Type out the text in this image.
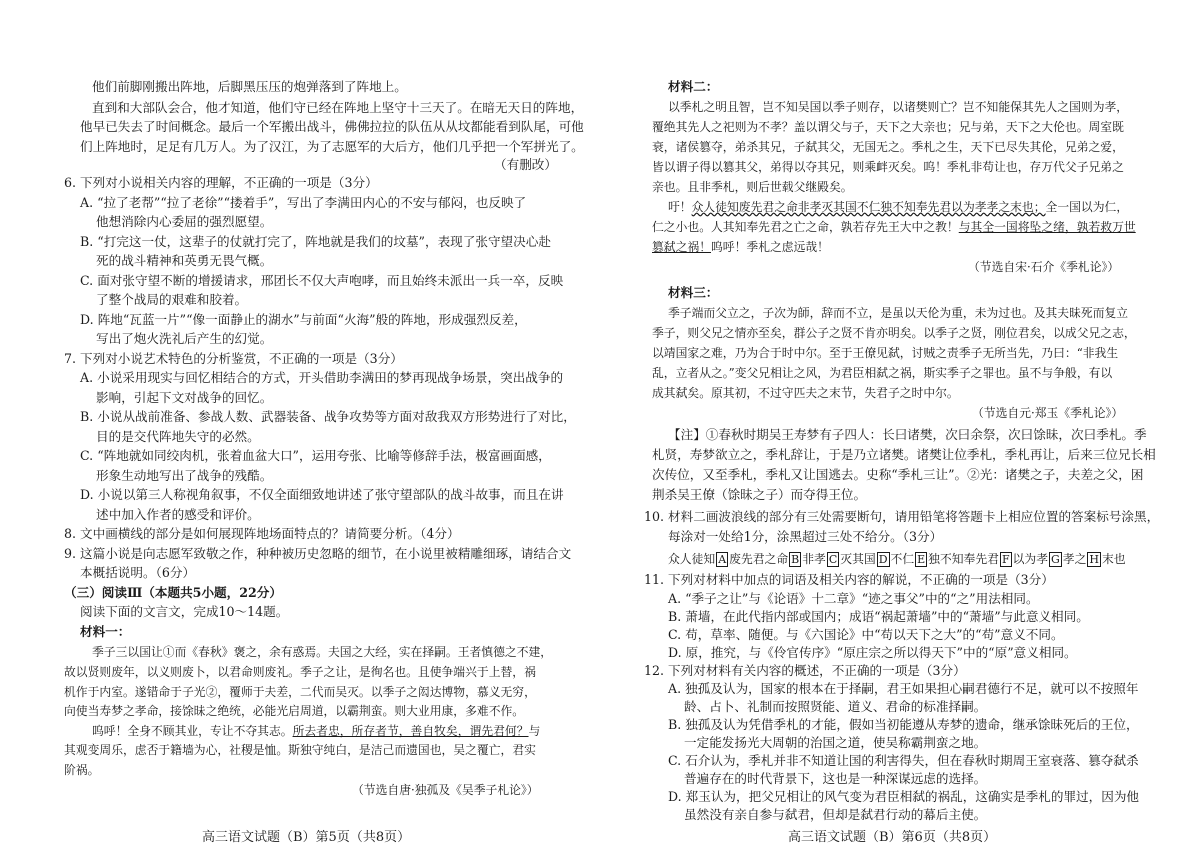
他们前脚刚搬出阵地，后脚黑压压的炮弹落到了阵地上。
直到和大部队会合，他才知道，他们守已经在阵地上坚守十三天了。在暗无天日的阵地，
他早已失去了时间概念。最后一个军搬出战斗，佛佛拉拉的队伍从从坟都能看到队尾，可他
们上阵地时，足足有几万人。为了汉江，为了志愿军的大后方，他们几乎把一个军拼光了。
（有删改）
6. 下列对小说相关内容的理解，不正确的一项是（3分）
A. “拉了老帮”“拉了老徐”“搂着手”，写出了李满田内心的不安与郁闷，也反映了
他想消除内心委屈的强烈愿望。
B. “打完这一仗，这辈子的仗就打完了，阵地就是我们的坟墓”，表现了张守望决心赴
死的战斗精神和英勇无畏气概。
C. 面对张守望不断的增援请求，邢团长不仅大声咆哮，而且始终未派出一兵一卒，反映
了整个战局的艰难和胶着。
D. 阵地“瓦蓝一片”“像一面静止的湖水”与前面“火海”般的阵地，形成强烈反差，
写出了炮火洗礼后产生的幻觉。
7. 下列对小说艺术特色的分析鉴赏，不正确的一项是（3分）
A. 小说采用现实与回忆相结合的方式，开头借助李满田的梦再现战争场景，突出战争的
影响，引起下文对战争的回忆。
B. 小说从战前准备、参战人数、武器装备、战争攻势等方面对敌我双方形势进行了对比，
目的是交代阵地失守的必然。
C. “阵地就如同绞肉机，张着血盆大口”，运用夸张、比喻等修辞手法，极富画面感，
形象生动地写出了战争的残酷。
D. 小说以第三人称视角叙事，不仅全面细致地讲述了张守望部队的战斗故事，而且在讲
述中加入作者的感受和评价。
8. 文中画横线的部分是如何展现阵地场面特点的？请简要分析。（4分）
9. 这篇小说是向志愿军致敬之作，种种被历史忽略的细节，在小说里被精雕细琢，请结合文
本概括说明。（6分）
（三）阅读Ⅲ（本题共5小题，22分）
阅读下面的文言文，完成10～14题。
材料一：
季子三以国让①而《春秋》褒之，余有惑焉。夫国之大经，实在择嗣。王者慎德之不建，
故以贤则废年，以义则废卜，以君命则废礼。季子之让，是徇名也。且使争端兴于上替，祸
机作于内室。遂错命于子光②，覆师于夫差，二代而吴灭。以季子之闳达博物，慕义无穷，
向使当寿梦之孝命，接馀昧之绝统，必能光启周道，以霸荆蛮。则大业用康，多难不作。
呜呼！全身不顾其业，专让不夺其志。所去者忠，所存者节，善自牧矣，谓先君何？与
其观变周乐，虑否于籍墙为心，社稷是恤。斯独守纯白，是洁己而遗国也，吴之覆亡，君实
阶祸。
（节选自唐·独孤及《吴季子札论》）
高三语文试题（B）第5页（共8页）
材料二：
以季札之明且智，岂不知吴国以季子则存，以诸樊则亡？岂不知能保其先人之国则为孝，
覆绝其先人之祀则为不孝？盖以谓父与子，天下之大亲也；兄与弟，天下之大伦也。周室既
衰，诸侯篡夺，弟杀其兄，子弑其父，无国无之。季札之生，天下已尽失其伦，兄弟之爱，
皆以谓子得以篡其父，弟得以夺其兄，则乘衅灭矣。呜！季札非苟让也，存万代父子兄弟之
亲也。且非季札，则后世载父继殿矣。
吁！众人徒知废先君之命非孝灭其国不仁独不知奉先君以为孝孝之末也；全一国以为仁，
仁之小也。人其知奉先君之亡之命，孰若存先王大中之教！与其全一国将坠之绪，孰若救万世
篡弑之祸！呜呼！季札之虑远哉！
（节选自宋·石介《季札论》）
材料三：
季子端而父立之，子次为師，辞而不立，是虽以天伦为重，未为过也。及其夫昧死而复立
季子，则父兄之情亦至矣，群公子之贤不肯亦明矣。以季子之贤，刚位君矣，以成父兄之志，
以靖国家之难，乃为合于时中尔。至于王僚见弑，讨贼之责季子无所当先，乃曰：“非我生
乱，立者从之。”变父兄相让之风，为君臣相弑之祸，斯实季子之罪也。虽不与争般，有以
成其弑矣。原其初，不过守匹夫之末节，失君子之时中尔。
（节选自元·郑玉《季札论》）
【注】①春秋时期吴王寿梦有子四人：长曰诸樊，次曰余祭，次曰馀昧，次曰季札。季
札贤，寿梦欲立之，季札辞让，于是乃立诸樊。诸樊让位季札，季札再让，后来三位兄长相
次传位，又至季札，季札又让国逃去。史称“季札三让”。②光：诸樊之子，夫差之父，困
荆杀吴王僚（馀昧之子）而夺得王位。
10. 材料二画波浪线的部分有三处需要断句，请用铅笔将答题卡上相应位置的答案标号涂黑，
每涂对一处给1分，涂黑超过三处不给分。（3分）
众人徒知 A 废先君之命 B 非孝 C 灭其国 D 不仁 E 独不知奉先君 F 以为孝 G 孝之 H 末也
11. 下列对材料中加点的词语及相关内容的解说，不正确的一项是（3分）
A. “季子之让”与《论语》十二章》“迹之事父”中的“之”用法相同。
B. 萧墙，在此代指内部或国内；成语“祸起萧墙”中的“萧墙”与此意义相同。
C. 苟，草率、随便。与《六国论》中“苟以天下之大”的“苟”意义不同。
D. 原，推究，与《伶官传序》“原庄宗之所以得天下”中的“原”意义相同。
12. 下列对材料有关内容的概述，不正确的一项是（3分）
A. 独孤及认为，国家的根本在于择嗣，君王如果担心嗣君德行不足，就可以不按照年
龄、占卜、礼制而按照贤能、道义、君命的标准择嗣。
B. 独孤及认为凭借季札的才能，假如当初能遵从寿梦的遗命，继承馀昧死后的王位，
一定能发扬光大周朝的治国之道，使吴称霸荆蛮之地。
C. 石介认为，季札并非不知道让国的利害得失，但在春秋时期周王室衰落、篡夺弑杀
普遍存在的时代背景下，这也是一种深谋远虑的选择。
高三语文试题（B）第6页（共8页）
D. 郑玉认为，把父兄相让的风气变为君臣相弑的祸乱，这确实是季札的罪过，因为他
虽然没有亲自参与弑君，但却是弑君行动的幕后主使。
